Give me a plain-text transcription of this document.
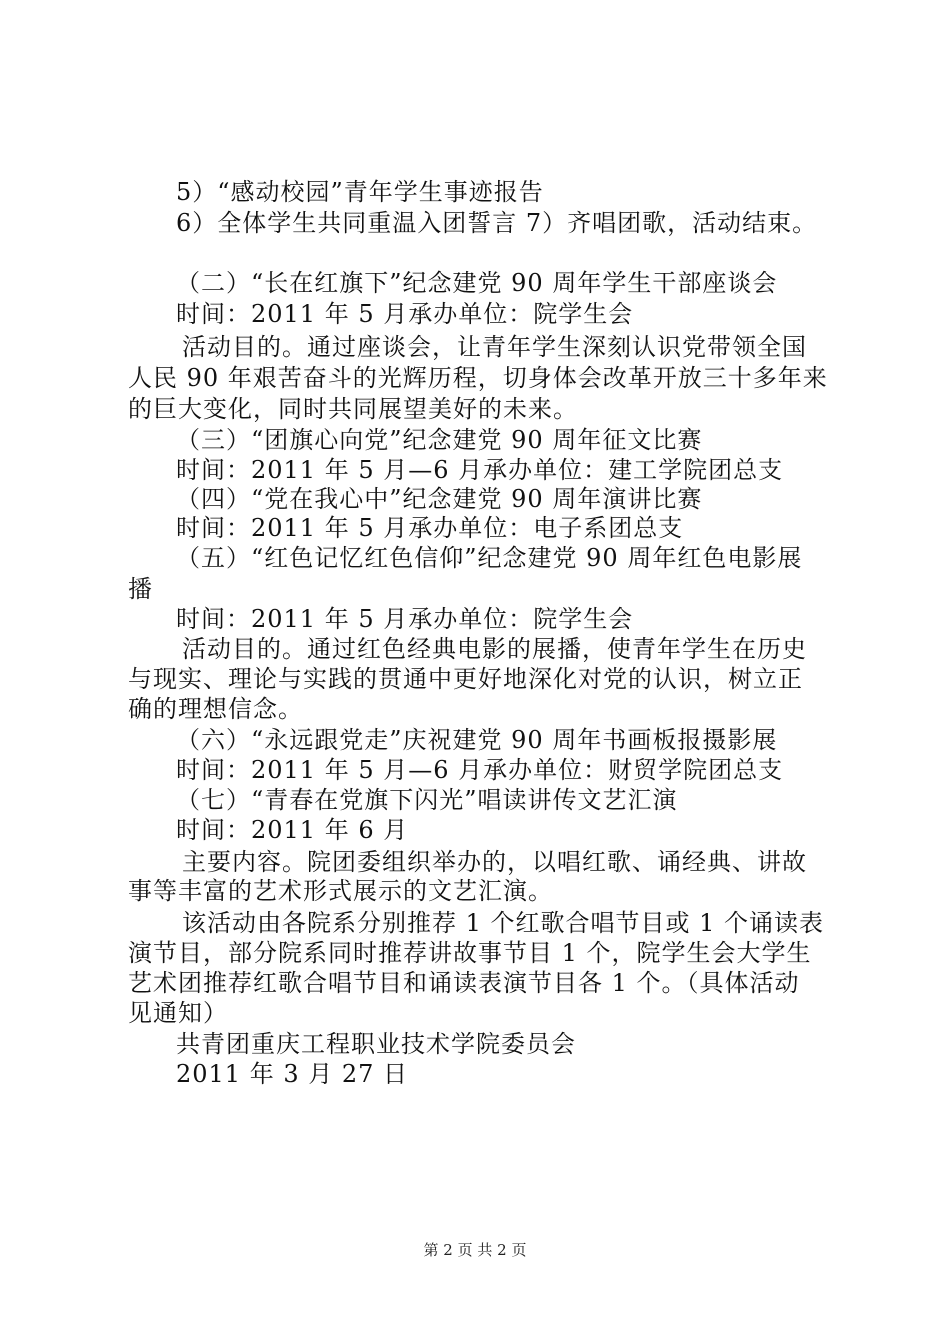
5）“感动校园”青年学生事迹报告
6）全体学生共同重温入团誓言 7）齐唱团歌，活动结束。
（二）“长在红旗下”纪念建党 90 周年学生干部座谈会
时间：2011 年 5 月承办单位：院学生会
活动目的。通过座谈会，让青年学生深刻认识党带领全国
人民 90 年艰苦奋斗的光辉历程，切身体会改革开放三十多年来
的巨大变化，同时共同展望美好的未来。
（三）“团旗心向党”纪念建党 90 周年征文比赛
时间：2011 年 5 月—6 月承办单位：建工学院团总支
（四）“党在我心中”纪念建党 90 周年演讲比赛
时间：2011 年 5 月承办单位：电子系团总支
（五）“红色记忆红色信仰”纪念建党 90 周年红色电影展
播
时间：2011 年 5 月承办单位：院学生会
活动目的。通过红色经典电影的展播，使青年学生在历史
与现实、理论与实践的贯通中更好地深化对党的认识，树立正
确的理想信念。
（六）“永远跟党走”庆祝建党 90 周年书画板报摄影展
时间：2011 年 5 月—6 月承办单位：财贸学院团总支
（七）“青春在党旗下闪光”唱读讲传文艺汇演
时间：2011 年 6 月
主要内容。院团委组织举办的，以唱红歌、诵经典、讲故
事等丰富的艺术形式展示的文艺汇演。
该活动由各院系分别推荐 1 个红歌合唱节目或 1 个诵读表
演节目，部分院系同时推荐讲故事节目 1 个，院学生会大学生
艺术团推荐红歌合唱节目和诵读表演节目各 1 个。（具体活动
见通知）
共青团重庆工程职业技术学院委员会
2011 年 3 月 27 日
第 2 页 共 2 页
